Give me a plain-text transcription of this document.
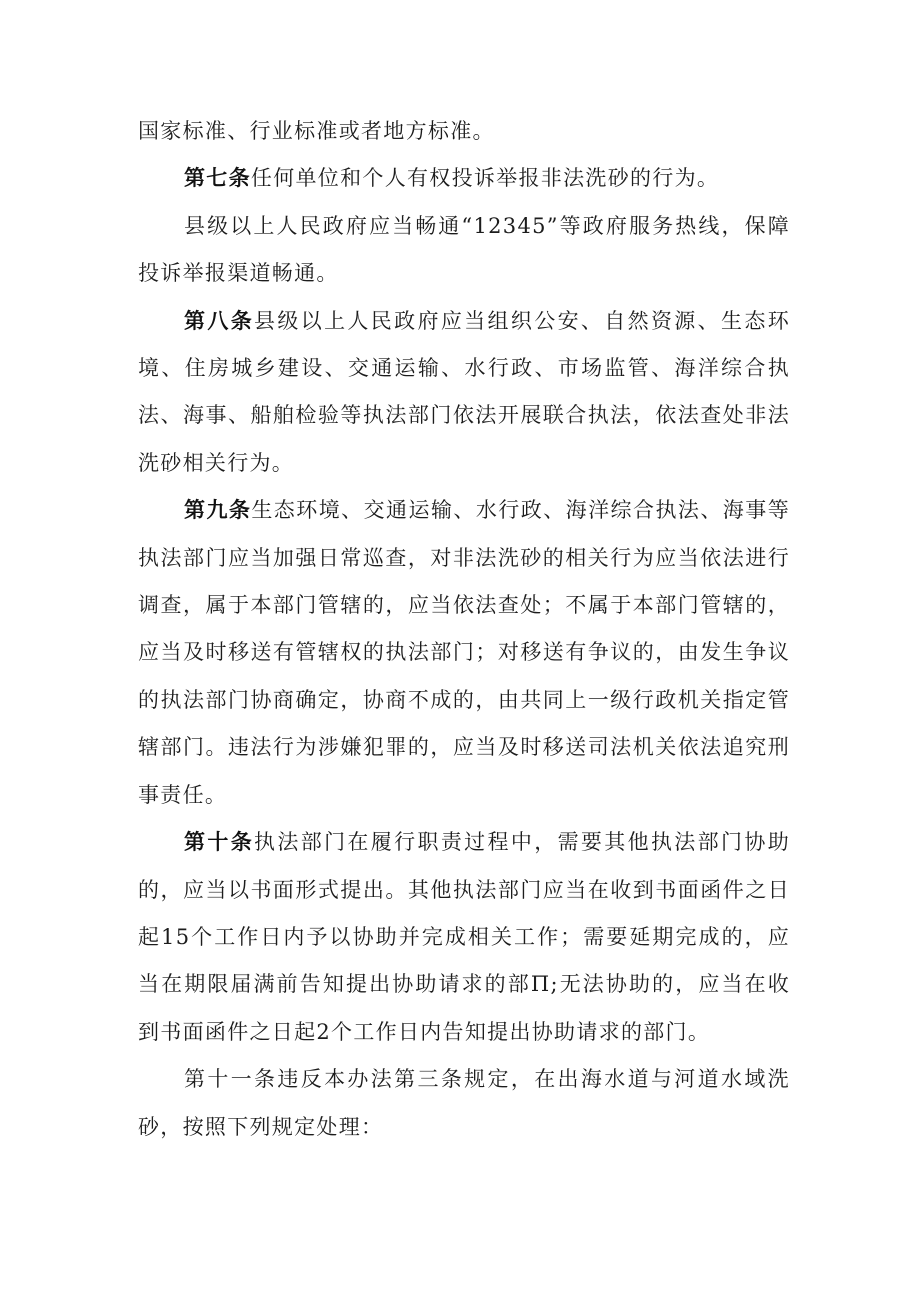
国家标准、行业标准或者地方标准。

第七条任何单位和个人有权投诉举报非法洗砂的行为。

县级以上人民政府应当畅通“12345”等政府服务热线，保障投诉举报渠道畅通。

第八条县级以上人民政府应当组织公安、自然资源、生态环境、住房城乡建设、交通运输、水行政、市场监管、海洋综合执法、海事、船舶检验等执法部门依法开展联合执法，依法查处非法洗砂相关行为。

第九条生态环境、交通运输、水行政、海洋综合执法、海事等执法部门应当加强日常巡查，对非法洗砂的相关行为应当依法进行调查，属于本部门管辖的，应当依法查处；不属于本部门管辖的，应当及时移送有管辖权的执法部门；对移送有争议的，由发生争议的执法部门协商确定，协商不成的，由共同上一级行政机关指定管辖部门。违法行为涉嫌犯罪的，应当及时移送司法机关依法追究刑事责任。

第十条执法部门在履行职责过程中，需要其他执法部门协助的，应当以书面形式提出。其他执法部门应当在收到书面函件之日起15个工作日内予以协助并完成相关工作；需要延期完成的，应当在期限届满前告知提出协助请求的部Π;无法协助的，应当在收到书面函件之日起2个工作日内告知提出协助请求的部门。

第十一条违反本办法第三条规定，在出海水道与河道水域洗砂，按照下列规定处理：
